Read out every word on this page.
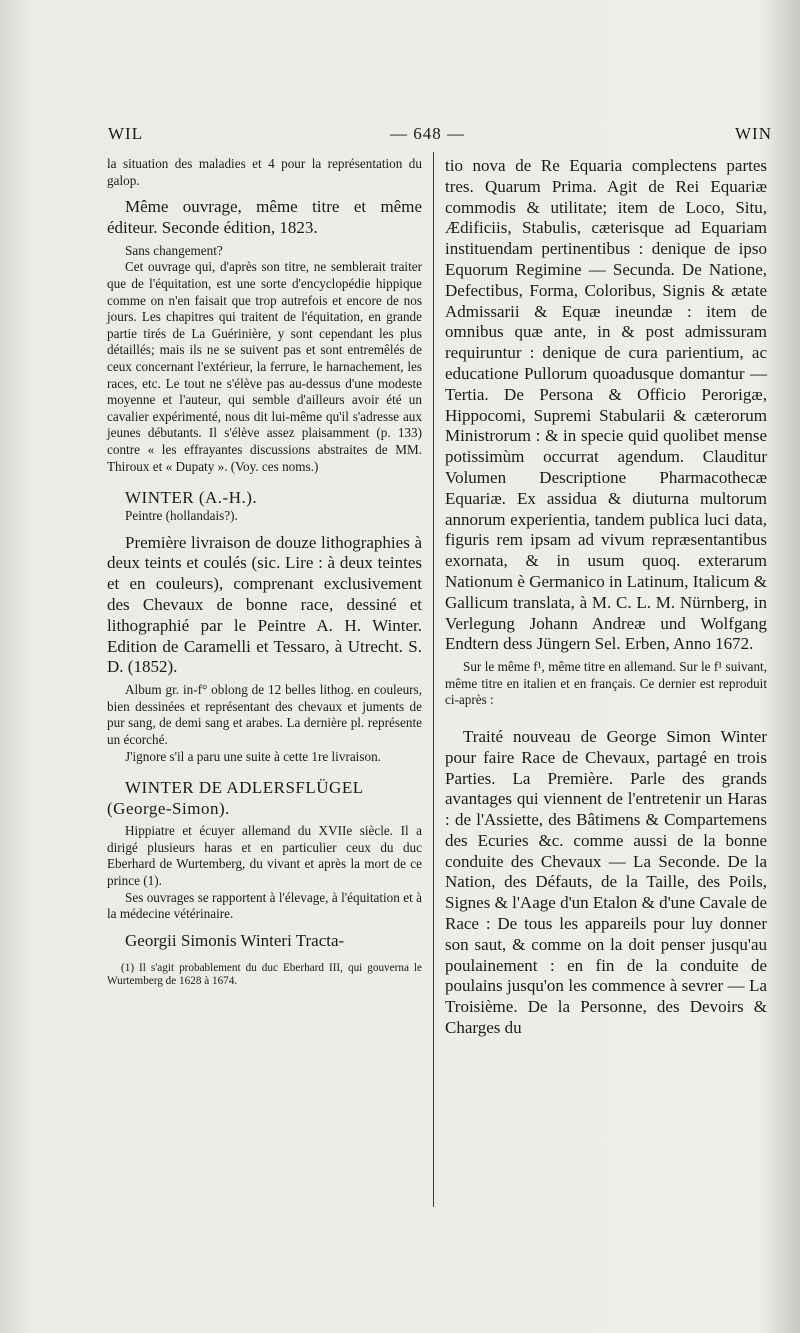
WIL	— 648 —	WIN

la situation des maladies et 4 pour la représentation du galop.

Même ouvrage, même titre et même éditeur. Seconde édition, 1823.

Sans changement?

Cet ouvrage qui, d'après son titre, ne semblerait traiter que de l'équitation, est une sorte d'encyclopédie hippique comme on n'en faisait que trop autrefois et encore de nos jours. Les chapitres qui traitent de l'équitation, en grande partie tirés de La Guérinière, y sont cependant les plus détaillés; mais ils ne se suivent pas et sont entremêlés de ceux concernant l'extérieur, la ferrure, le harnachement, les races, etc. Le tout ne s'élève pas au-dessus d'une modeste moyenne et l'auteur, qui semble d'ailleurs avoir été un cavalier expérimenté, nous dit lui-même qu'il s'adresse aux jeunes débutants. Il s'élève assez plaisamment (p. 133) contre « les effrayantes discussions abstraites de MM. Thiroux et « Dupaty ». (Voy. ces noms.)

WINTER (A.-H.).

Peintre (hollandais?).

Première livraison de douze lithographies à deux teints et coulés (sic. Lire : à deux teintes et en couleurs), comprenant exclusivement des Chevaux de bonne race, dessiné et lithographié par le Peintre A. H. Winter. Edition de Caramelli et Tessaro, à Utrecht. S. D. (1852).

Album gr. in-f° oblong de 12 belles lithog. en couleurs, bien dessinées et représentant des chevaux et juments de pur sang, de demi sang et arabes. La dernière pl. représente un écorché.

J'ignore s'il a paru une suite à cette 1re livraison.

WINTER DE ADLERSFLÜGEL

(George-Simon).

Hippiatre et écuyer allemand du XVIIe siècle. Il a dirigé plusieurs haras et en particulier ceux du duc Eberhard de Wurtemberg, du vivant et après la mort de ce prince (1).

Ses ouvrages se rapportent à l'élevage, à l'équitation et à la médecine vétérinaire.

Georgii Simonis Winteri Tracta-

(1) Il s'agit probablement du duc Eberhard III, qui gouverna le Wurtemberg de 1628 à 1674.

tio nova de Re Equaria complectens partes tres. Quarum Prima. Agit de Rei Equariæ commodis & utilitate; item de Loco, Situ, Ædificiis, Stabulis, cæterisque ad Equariam instituendam pertinentibus : denique de ipso Equorum Regimine — Secunda. De Natione, Defectibus, Forma, Coloribus, Signis & ætate Admissarii & Equæ ineundæ : item de omnibus quæ ante, in & post admissuram requiruntur : denique de cura parientium, ac educatione Pullorum quoadusque domantur — Tertia. De Persona & Officio Perorigæ, Hippocomi, Supremi Stabularii & cæterorum Ministrorum : & in specie quid quolibet mense potissimùm occurrat agendum. Clauditur Volumen Descriptione Pharmacothecæ Equariæ. Ex assidua & diuturna multorum annorum experientia, tandem publica luci data, figuris rem ipsam ad vivum repræsentantibus exornata, & in usum quoq. exterarum Nationum è Germanico in Latinum, Italicum & Gallicum translata, à M. C. L. M. Nürnberg, in Verlegung Johann Andreæ und Wolfgang Endtern dess Jüngern Sel. Erben, Anno 1672.

Sur le même f¹, même titre en allemand. Sur le f¹ suivant, même titre en italien et en français. Ce dernier est reproduit ci-après :

Traité nouveau de George Simon Winter pour faire Race de Chevaux, partagé en trois Parties. La Première. Parle des grands avantages qui viennent de l'entretenir un Haras : de l'Assiette, des Bâtimens & Compartemens des Ecuries &c. comme aussi de la bonne conduite des Chevaux — La Seconde. De la Nation, des Défauts, de la Taille, des Poils, Signes & l'Aage d'un Etalon & d'une Cavale de Race : De tous les appareils pour luy donner son saut, & comme on la doit penser jusqu'au poulainement : en fin de la conduite de poulains jusqu'on les commence à sevrer — La Troisième. De la Personne, des Devoirs & Charges du
